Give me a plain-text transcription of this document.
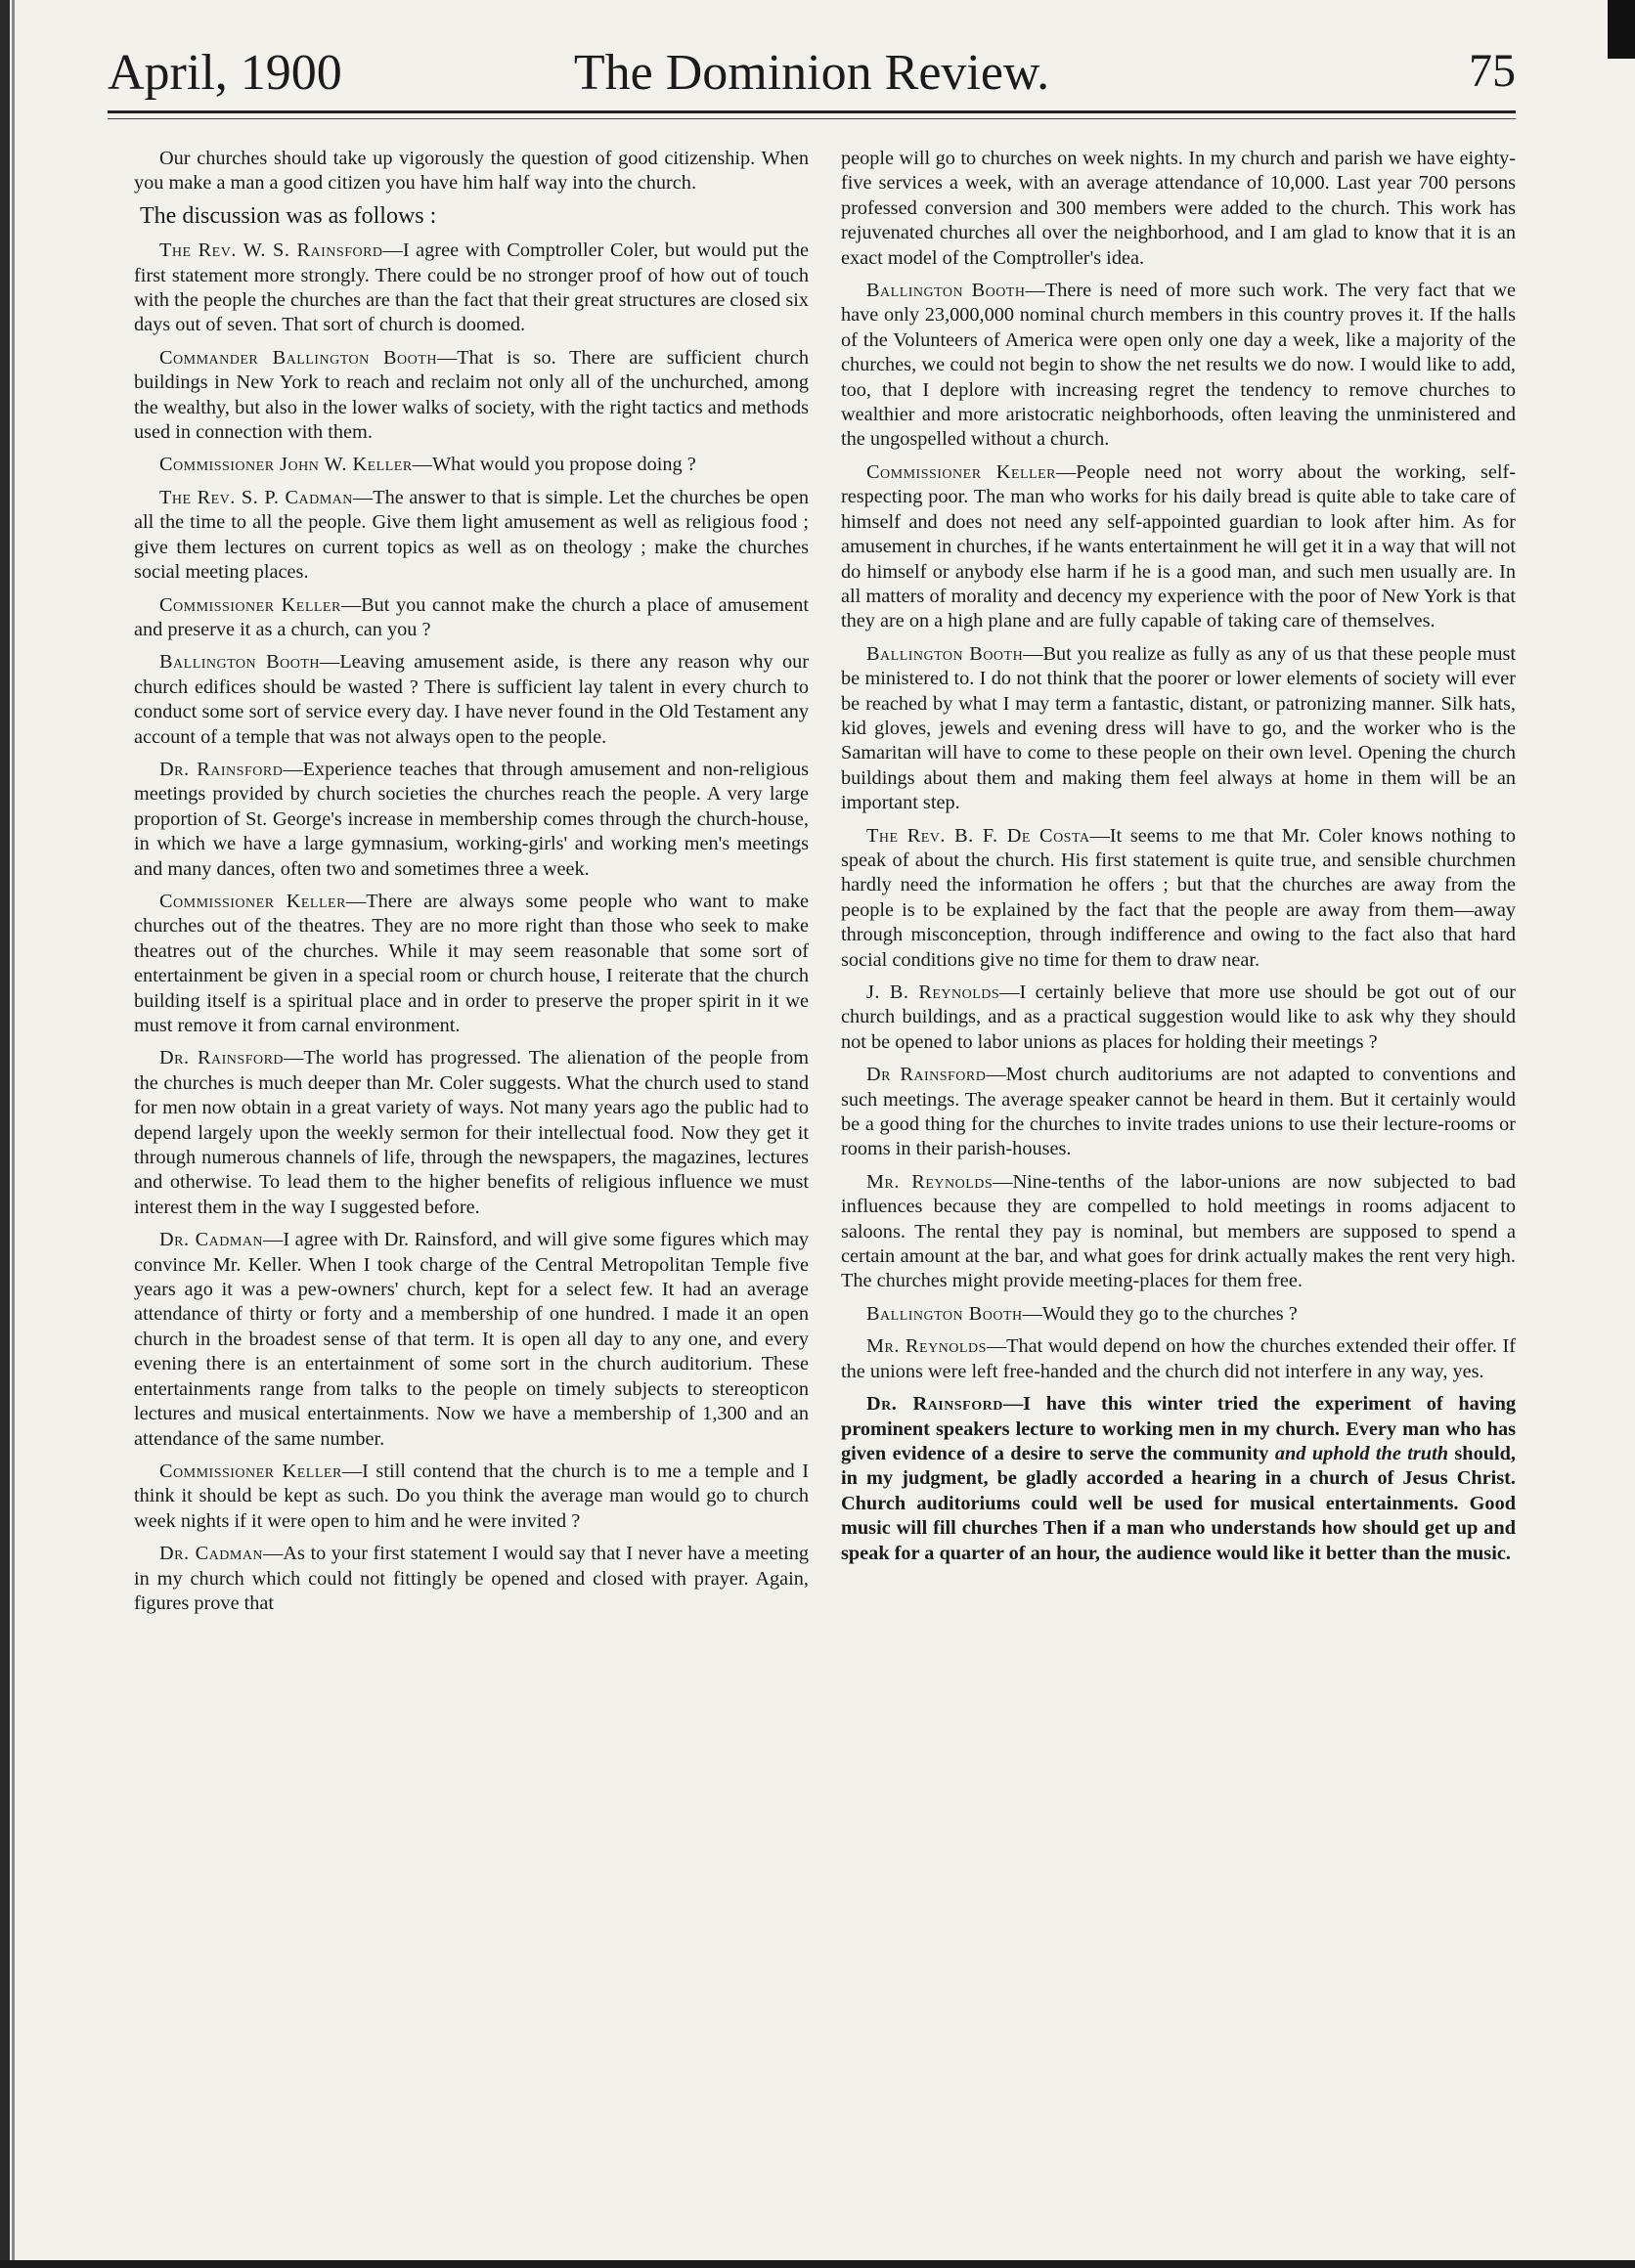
April, 1900	The Dominion Review.	75

Our churches should take up vigorously the question of good citizenship. When you make a man a good citizen you have him half way into the church.

The discussion was as follows :

The Rev. W. S. Rainsford—I agree with Comptroller Coler, but would put the first statement more strongly. There could be no stronger proof of how out of touch with the people the churches are than the fact that their great structures are closed six days out of seven. That sort of church is doomed.

Commander Ballington Booth—That is so. There are sufficient church buildings in New York to reach and reclaim not only all of the unchurched, among the wealthy, but also in the lower walks of society, with the right tactics and methods used in connection with them.

Commissioner John W. Keller—What would you propose doing ?

The Rev. S. P. Cadman—The answer to that is simple. Let the churches be open all the time to all the people. Give them light amusement as well as religious food ; give them lectures on current topics as well as on theology ; make the churches social meeting places.

Commissioner Keller—But you cannot make the church a place of amusement and preserve it as a church, can you ?

Ballington Booth—Leaving amusement aside, is there any reason why our church edifices should be wasted ? There is sufficient lay talent in every church to conduct some sort of service every day. I have never found in the Old Testament any account of a temple that was not always open to the people.

Dr. Rainsford—Experience teaches that through amusement and non-religious meetings provided by church societies the churches reach the people. A very large proportion of St. George's increase in membership comes through the church-house, in which we have a large gymnasium, working-girls' and working men's meetings and many dances, often two and sometimes three a week.

Commissioner Keller—There are always some people who want to make churches out of the theatres. They are no more right than those who seek to make theatres out of the churches. While it may seem reasonable that some sort of entertainment be given in a special room or church house, I reiterate that the church building itself is a spiritual place and in order to preserve the proper spirit in it we must remove it from carnal environment.

Dr. Rainsford—The world has progressed. The alienation of the people from the churches is much deeper than Mr. Coler suggests. What the church used to stand for men now obtain in a great variety of ways. Not many years ago the public had to depend largely upon the weekly sermon for their intellectual food. Now they get it through numerous channels of life, through the newspapers, the magazines, lectures and otherwise. To lead them to the higher benefits of religious influence we must interest them in the way I suggested before.

Dr. Cadman—I agree with Dr. Rainsford, and will give some figures which may convince Mr. Keller. When I took charge of the Central Metropolitan Temple five years ago it was a pew-owners' church, kept for a select few. It had an average attendance of thirty or forty and a membership of one hundred. I made it an open church in the broadest sense of that term. It is open all day to any one, and every evening there is an entertainment of some sort in the church auditorium. These entertainments range from talks to the people on timely subjects to stereopticon lectures and musical entertainments. Now we have a membership of 1,300 and an attendance of the same number.

Commissioner Keller—I still contend that the church is to me a temple and I think it should be kept as such. Do you think the average man would go to church week nights if it were open to him and he were invited ?

Dr. Cadman—As to your first statement I would say that I never have a meeting in my church which could not fittingly be opened and closed with prayer. Again, figures prove that

people will go to churches on week nights. In my church and parish we have eighty-five services a week, with an average attendance of 10,000. Last year 700 persons professed conversion and 300 members were added to the church. This work has rejuvenated churches all over the neighborhood, and I am glad to know that it is an exact model of the Comptroller's idea.

Ballington Booth—There is need of more such work. The very fact that we have only 23,000,000 nominal church members in this country proves it. If the halls of the Volunteers of America were open only one day a week, like a majority of the churches, we could not begin to show the net results we do now. I would like to add, too, that I deplore with increasing regret the tendency to remove churches to wealthier and more aristocratic neighborhoods, often leaving the unministered and the ungospelled without a church.

Commissioner Keller—People need not worry about the working, self-respecting poor. The man who works for his daily bread is quite able to take care of himself and does not need any self-appointed guardian to look after him. As for amusement in churches, if he wants entertainment he will get it in a way that will not do himself or anybody else harm if he is a good man, and such men usually are. In all matters of morality and decency my experience with the poor of New York is that they are on a high plane and are fully capable of taking care of themselves.

Ballington Booth—But you realize as fully as any of us that these people must be ministered to. I do not think that the poorer or lower elements of society will ever be reached by what I may term a fantastic, distant, or patronizing manner. Silk hats, kid gloves, jewels and evening dress will have to go, and the worker who is the Samaritan will have to come to these people on their own level. Opening the church buildings about them and making them feel always at home in them will be an important step.

The Rev. B. F. De Costa—It seems to me that Mr. Coler knows nothing to speak of about the church. His first statement is quite true, and sensible churchmen hardly need the information he offers ; but that the churches are away from the people is to be explained by the fact that the people are away from them—away through misconception, through indifference and owing to the fact also that hard social conditions give no time for them to draw near.

J. B. Reynolds—I certainly believe that more use should be got out of our church buildings, and as a practical suggestion would like to ask why they should not be opened to labor unions as places for holding their meetings ?

Dr Rainsford—Most church auditoriums are not adapted to conventions and such meetings. The average speaker cannot be heard in them. But it certainly would be a good thing for the churches to invite trades unions to use their lecture-rooms or rooms in their parish-houses.

Mr. Reynolds—Nine-tenths of the labor-unions are now subjected to bad influences because they are compelled to hold meetings in rooms adjacent to saloons. The rental they pay is nominal, but members are supposed to spend a certain amount at the bar, and what goes for drink actually makes the rent very high. The churches might provide meeting-places for them free.

Ballington Booth—Would they go to the churches ?

Mr. Reynolds—That would depend on how the churches extended their offer. If the unions were left free-handed and the church did not interfere in any way, yes.

Dr. Rainsford—I have this winter tried the experiment of having prominent speakers lecture to working men in my church. Every man who has given evidence of a desire to serve the community and uphold the truth should, in my judgment, be gladly accorded a hearing in a church of Jesus Christ. Church auditoriums could well be used for musical entertainments. Good music will fill churches Then if a man who understands how should get up and speak for a quarter of an hour, the audience would like it better than the music.
